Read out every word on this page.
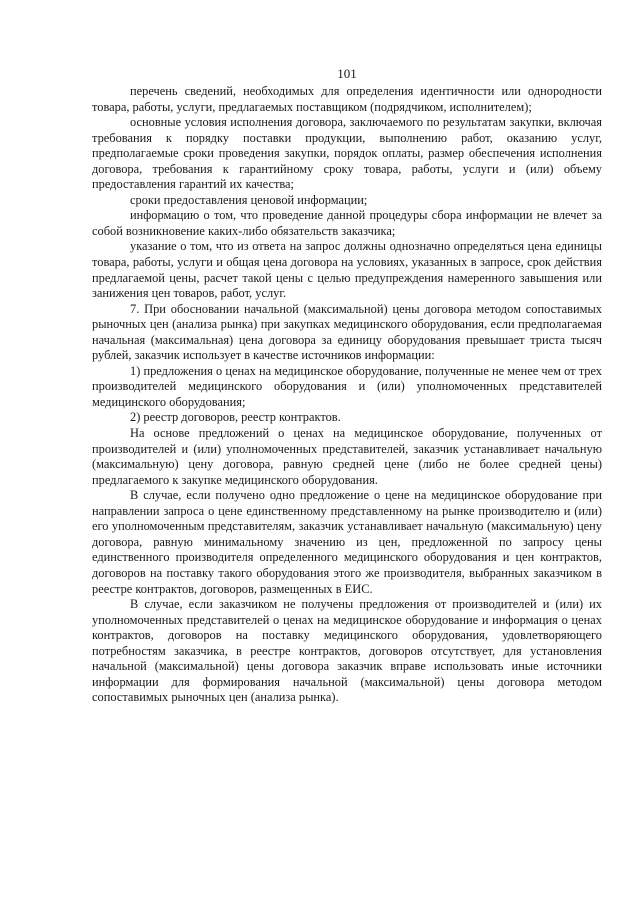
101

перечень сведений, необходимых для определения идентичности или однородности товара, работы, услуги, предлагаемых поставщиком (подрядчиком, исполнителем);

основные условия исполнения договора, заключаемого по результатам закупки, включая требования к порядку поставки продукции, выполнению работ, оказанию услуг, предполагаемые сроки проведения закупки, порядок оплаты, размер обеспечения исполнения договора, требования к гарантийному сроку товара, работы, услуги и (или) объему предоставления гарантий их качества;

сроки предоставления ценовой информации;

информацию о том, что проведение данной процедуры сбора информации не влечет за собой возникновение каких-либо обязательств заказчика;

указание о том, что из ответа на запрос должны однозначно определяться цена единицы товара, работы, услуги и общая цена договора на условиях, указанных в запросе, срок действия предлагаемой цены, расчет такой цены с целью предупреждения намеренного завышения или занижения цен товаров, работ, услуг.

7. При обосновании начальной (максимальной) цены договора методом сопоставимых рыночных цен (анализа рынка) при закупках медицинского оборудования, если предполагаемая начальная (максимальная) цена договора за единицу оборудования превышает триста тысяч рублей, заказчик использует в качестве источников информации:

1) предложения о ценах на медицинское оборудование, полученные не менее чем от трех производителей медицинского оборудования и (или) уполномоченных представителей медицинского оборудования;

2) реестр договоров, реестр контрактов.

На основе предложений о ценах на медицинское оборудование, полученных от производителей и (или) уполномоченных представителей, заказчик устанавливает начальную (максимальную) цену договора, равную средней цене (либо не более средней цены) предлагаемого к закупке медицинского оборудования.

В случае, если получено одно предложение о цене на медицинское оборудование при направлении запроса о цене единственному представленному на рынке производителю и (или) его уполномоченным представителям, заказчик устанавливает начальную (максимальную) цену договора, равную минимальному значению из цен, предложенной по запросу цены единственного производителя определенного медицинского оборудования и цен контрактов, договоров на поставку такого оборудования этого же производителя, выбранных заказчиком в реестре контрактов, договоров, размещенных в ЕИС.

В случае, если заказчиком не получены предложения от производителей и (или) их уполномоченных представителей о ценах на медицинское оборудование и информация о ценах контрактов, договоров на поставку медицинского оборудования, удовлетворяющего потребностям заказчика, в реестре контрактов, договоров отсутствует, для установления начальной (максимальной) цены договора заказчик вправе использовать иные источники информации для формирования начальной (максимальной) цены договора методом сопоставимых рыночных цен (анализа рынка).
